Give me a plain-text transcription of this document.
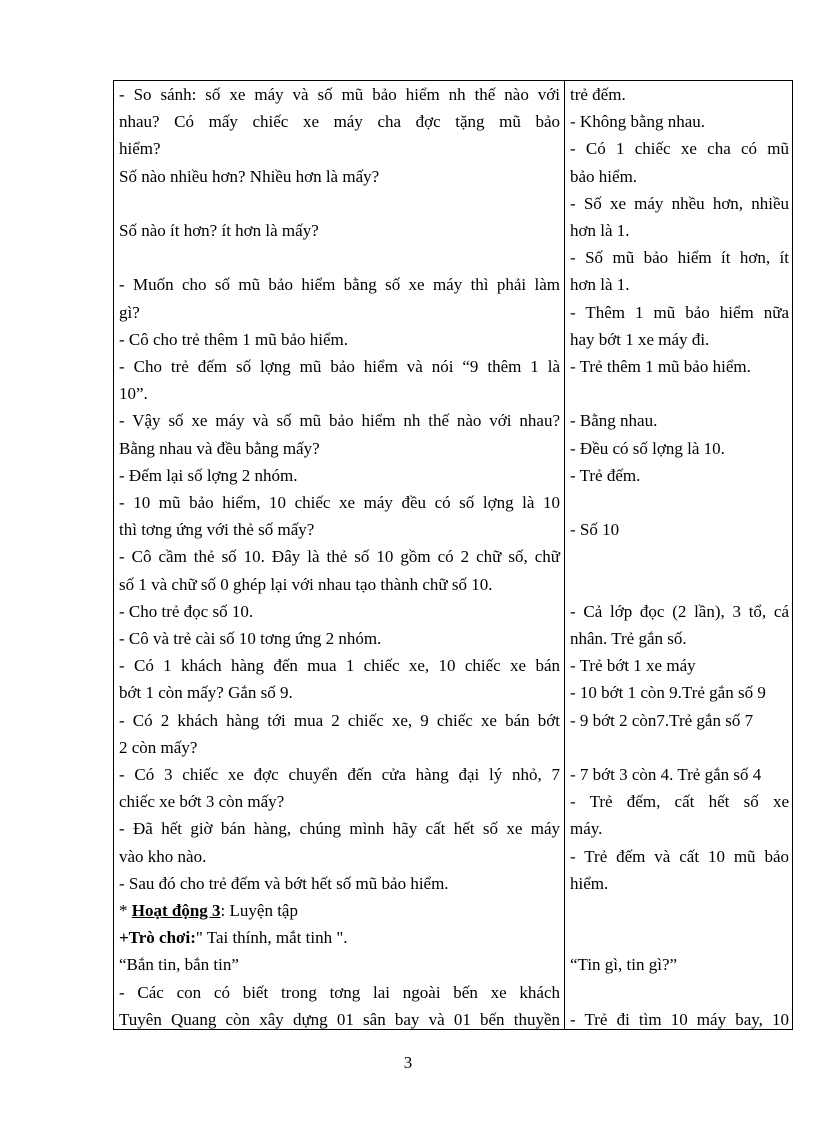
* Hoạt động 3: Luyện tập
+Trò chơi:" Tai thính, mắt tinh ".
- So sánh: số xe máy và số mũ bảo hiểm nh thế nào với
nhau? Có mấy chiếc xe máy cha đợc tặng mũ bảo
hiểm?
Số nào nhiều hơn? Nhiều hơn là mấy?
Số nào ít hơn? ít hơn là mấy?
- Muốn cho số mũ bảo hiểm bằng số xe máy thì phải làm
gì?
- Cô cho trẻ thêm 1 mũ bảo hiểm.
- Cho trẻ đếm số lợng mũ bảo hiểm và nói “9 thêm 1 là
10”.
- Vậy số xe máy và số mũ bảo hiểm nh thế nào với nhau?
Bằng nhau và đều bằng mấy?
- Đếm lại số lợng 2 nhóm.
- 10 mũ bảo hiểm, 10 chiếc xe máy đều có số lợng là 10
thì tơng ứng với thẻ số mấy?
- Cô cầm thẻ số 10. Đây là thẻ số 10 gồm có 2 chữ số, chữ
số 1 và chữ số 0 ghép lại với nhau tạo thành chữ số 10.
- Cho trẻ đọc số 10.
- Cô và trẻ cài số 10 tơng ứng 2 nhóm.
- Có 1 khách hàng đến mua 1 chiếc xe, 10 chiếc xe bán
bớt 1 còn mấy? Gắn số 9.
- Có 2 khách hàng tới mua 2 chiếc xe, 9 chiếc xe bán bớt
2 còn mấy?
- Có 3 chiếc xe đợc chuyển đến cửa hàng đại lý nhỏ, 7
chiếc xe bớt 3 còn mấy?
- Đã hết giờ bán hàng, chúng mình hãy cất hết số xe máy
vào kho nào.
- Sau đó cho trẻ đếm và bớt hết số mũ bảo hiểm.
“Bắn tin, bắn tin”
- Các con có biết trong tơng lai ngoài bến xe khách
Tuyên Quang còn xây dựng 01 sân bay và 01 bến thuyền
trẻ đếm.
- Không bằng nhau.
- Có 1 chiếc xe cha có mũ
bảo hiểm.
- Số xe máy nhều hơn, nhiều
hơn là 1.
- Số mũ bảo hiểm ít hơn, ít
hơn là 1.
- Thêm 1 mũ bảo hiểm nữa
hay bớt 1 xe máy đi.
- Trẻ thêm 1 mũ bảo hiểm.
- Bằng nhau.
- Đều có số lợng là 10.
- Trẻ đếm.
- Số 10
- Cả lớp đọc (2 lần), 3 tổ, cá
nhân. Trẻ gắn số.
- Trẻ bớt 1 xe máy
- 10 bớt 1 còn 9.Trẻ gắn số 9
- 9 bớt 2 còn7.Trẻ gắn số 7
- 7 bớt 3 còn 4. Trẻ gắn số 4
- Trẻ đếm, cất hết số xe
máy.
- Trẻ đếm và cất 10 mũ bảo
hiểm.
“Tin gì, tin gì?”
- Trẻ đi tìm 10 máy bay, 10
3
